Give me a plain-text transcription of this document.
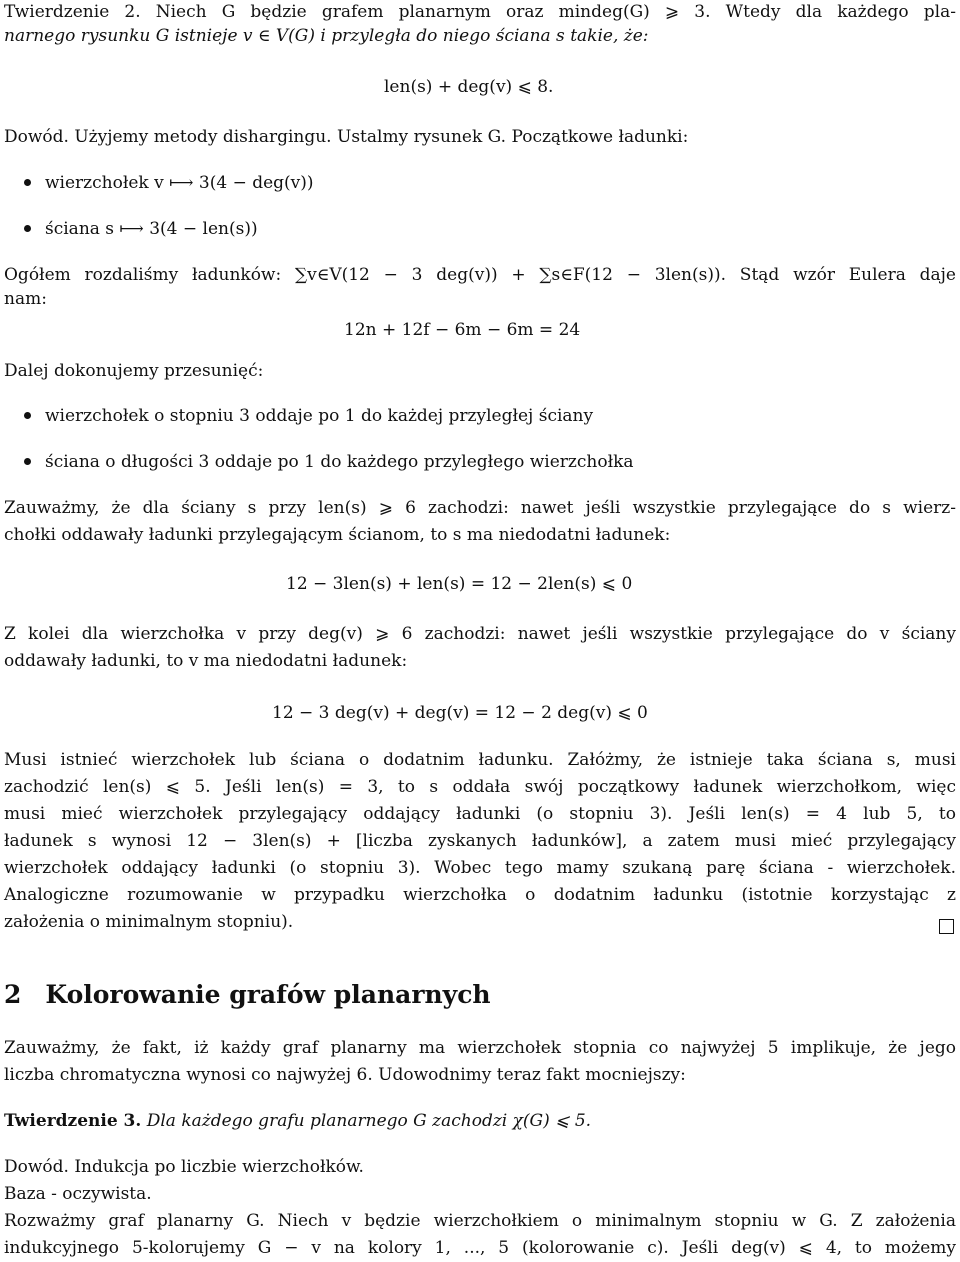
Twierdzenie 2. Niech G będzie grafem planarnym oraz mindeg(G) ⩾ 3. Wtedy dla każdego pla-
narnego rysunku G istnieje v ∈ V(G) i przyległa do niego ściana s takie, że:
len(s) + deg(v) ⩽ 8.
Dowód. Użyjemy metody dishargingu. Ustalmy rysunek G. Początkowe ładunki:
wierzchołek v ⟼ 3(4 − deg(v))
ściana s ⟼ 3(4 − len(s))
Ogółem rozdaliśmy ładunków: ∑v∈V(12 − 3 deg(v)) + ∑s∈F(12 − 3len(s)). Stąd wzór Eulera daje
nam:
12n + 12f − 6m − 6m = 24
Dalej dokonujemy przesunięć:
wierzchołek o stopniu 3 oddaje po 1 do każdej przyległej ściany
ściana o długości 3 oddaje po 1 do każdego przyległego wierzchołka
Zauważmy, że dla ściany s przy len(s) ⩾ 6 zachodzi: nawet jeśli wszystkie przylegające do s wierz-
chołki oddawały ładunki przylegającym ścianom, to s ma niedodatni ładunek:
12 − 3len(s) + len(s) = 12 − 2len(s) ⩽ 0
Z kolei dla wierzchołka v przy deg(v) ⩾ 6 zachodzi: nawet jeśli wszystkie przylegające do v ściany
oddawały ładunki, to v ma niedodatni ładunek:
12 − 3 deg(v) + deg(v) = 12 − 2 deg(v) ⩽ 0
Musi istnieć wierzchołek lub ściana o dodatnim ładunku. Załóżmy, że istnieje taka ściana s, musi
zachodzić len(s) ⩽ 5. Jeśli len(s) = 3, to s oddała swój początkowy ładunek wierzchołkom, więc
musi mieć wierzchołek przylegający oddający ładunki (o stopniu 3). Jeśli len(s) = 4 lub 5, to
ładunek s wynosi 12 − 3len(s) + [liczba zyskanych ładunków], a zatem musi mieć przylegający
wierzchołek oddający ładunki (o stopniu 3). Wobec tego mamy szukaną parę ściana - wierzchołek.
Analogiczne rozumowanie w przypadku wierzchołka o dodatnim ładunku (istotnie korzystając z
założenia o minimalnym stopniu).
2 Kolorowanie grafów planarnych
Zauważmy, że fakt, iż każdy graf planarny ma wierzchołek stopnia co najwyżej 5 implikuje, że jego
liczba chromatyczna wynosi co najwyżej 6. Udowodnimy teraz fakt mocniejszy:
Twierdzenie 3. Dla każdego grafu planarnego G zachodzi χ(G) ⩽ 5.
Dowód. Indukcja po liczbie wierzchołków.
Baza - oczywista.
Rozważmy graf planarny G. Niech v będzie wierzchołkiem o minimalnym stopniu w G. Z założenia
indukcyjnego 5-kolorujemy G − v na kolory 1, ..., 5 (kolorowanie c). Jeśli deg(v) ⩽ 4, to możemy
